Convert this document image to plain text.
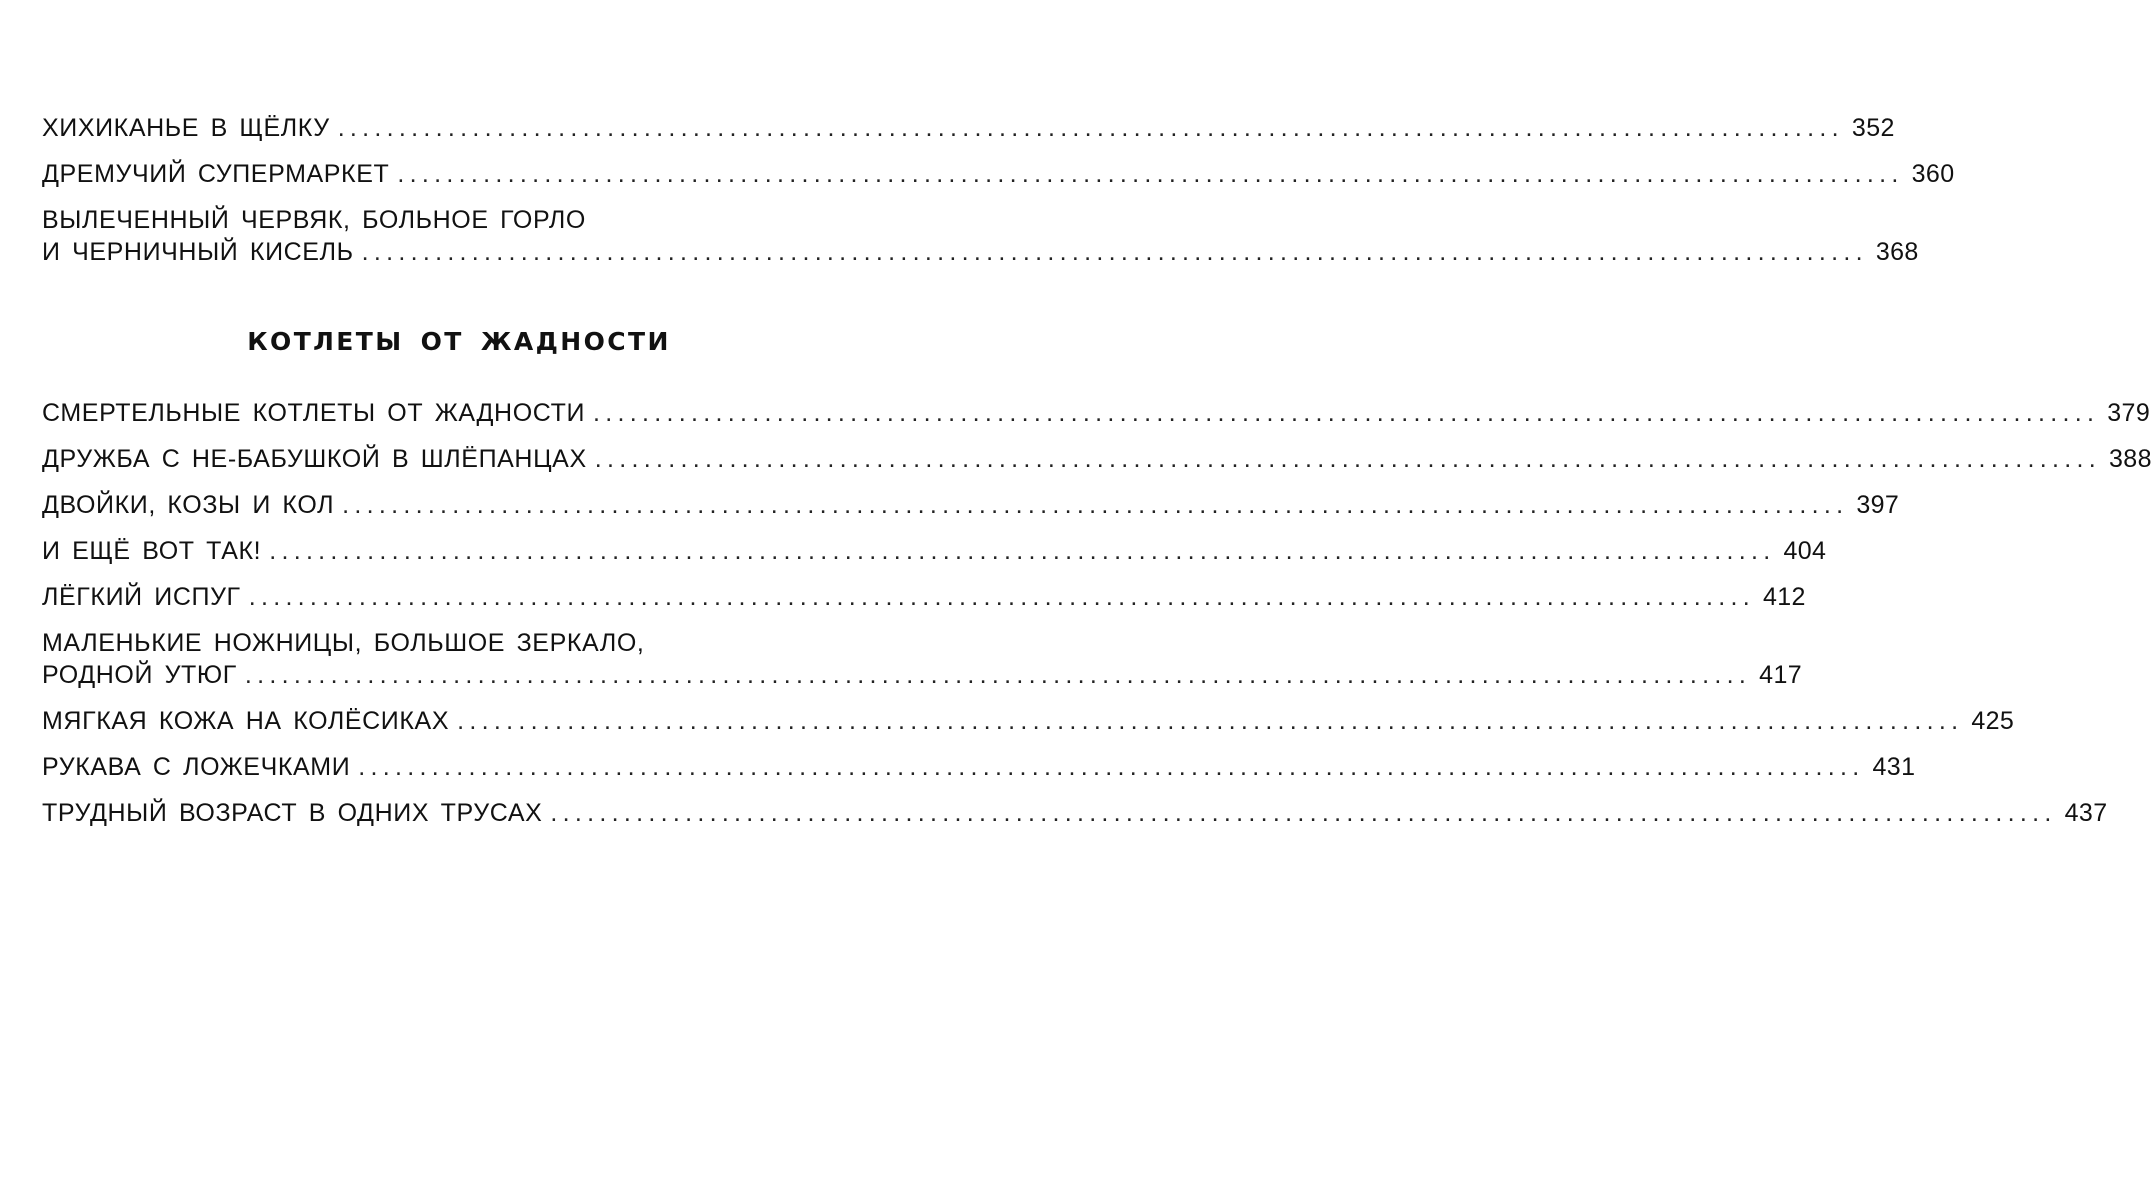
ХИХИКАНЬЕ В ЩЁЛКУ ........................................................................................................................... 352
ДРЕМУЧИЙ СУПЕРМАРКЕТ ........................................................................................................................... 360
ВЫЛЕЧЕННЫЙ ЧЕРВЯК, БОЛЬНОЕ ГОРЛО
И ЧЕРНИЧНЫЙ КИСЕЛЬ ........................................................................................................................... 368
КОТЛЕТЫ ОТ ЖАДНОСТИ
СМЕРТЕЛЬНЫЕ КОТЛЕТЫ ОТ ЖАДНОСТИ ........................................................................................................................... 379
ДРУЖБА С НЕ-БАБУШКОЙ В ШЛЁПАНЦАХ ........................................................................................................................... 388
ДВОЙКИ, КОЗЫ И КОЛ ........................................................................................................................... 397
И ЕЩЁ ВОТ ТАК! ........................................................................................................................... 404
ЛЁГКИЙ ИСПУГ ........................................................................................................................... 412
МАЛЕНЬКИЕ НОЖНИЦЫ, БОЛЬШОЕ ЗЕРКАЛО,
РОДНОЙ УТЮГ ........................................................................................................................... 417
МЯГКАЯ КОЖА НА КОЛЁСИКАХ ........................................................................................................................... 425
РУКАВА С ЛОЖЕЧКАМИ ........................................................................................................................... 431
ТРУДНЫЙ ВОЗРАСТ В ОДНИХ ТРУСАХ ........................................................................................................................... 437
